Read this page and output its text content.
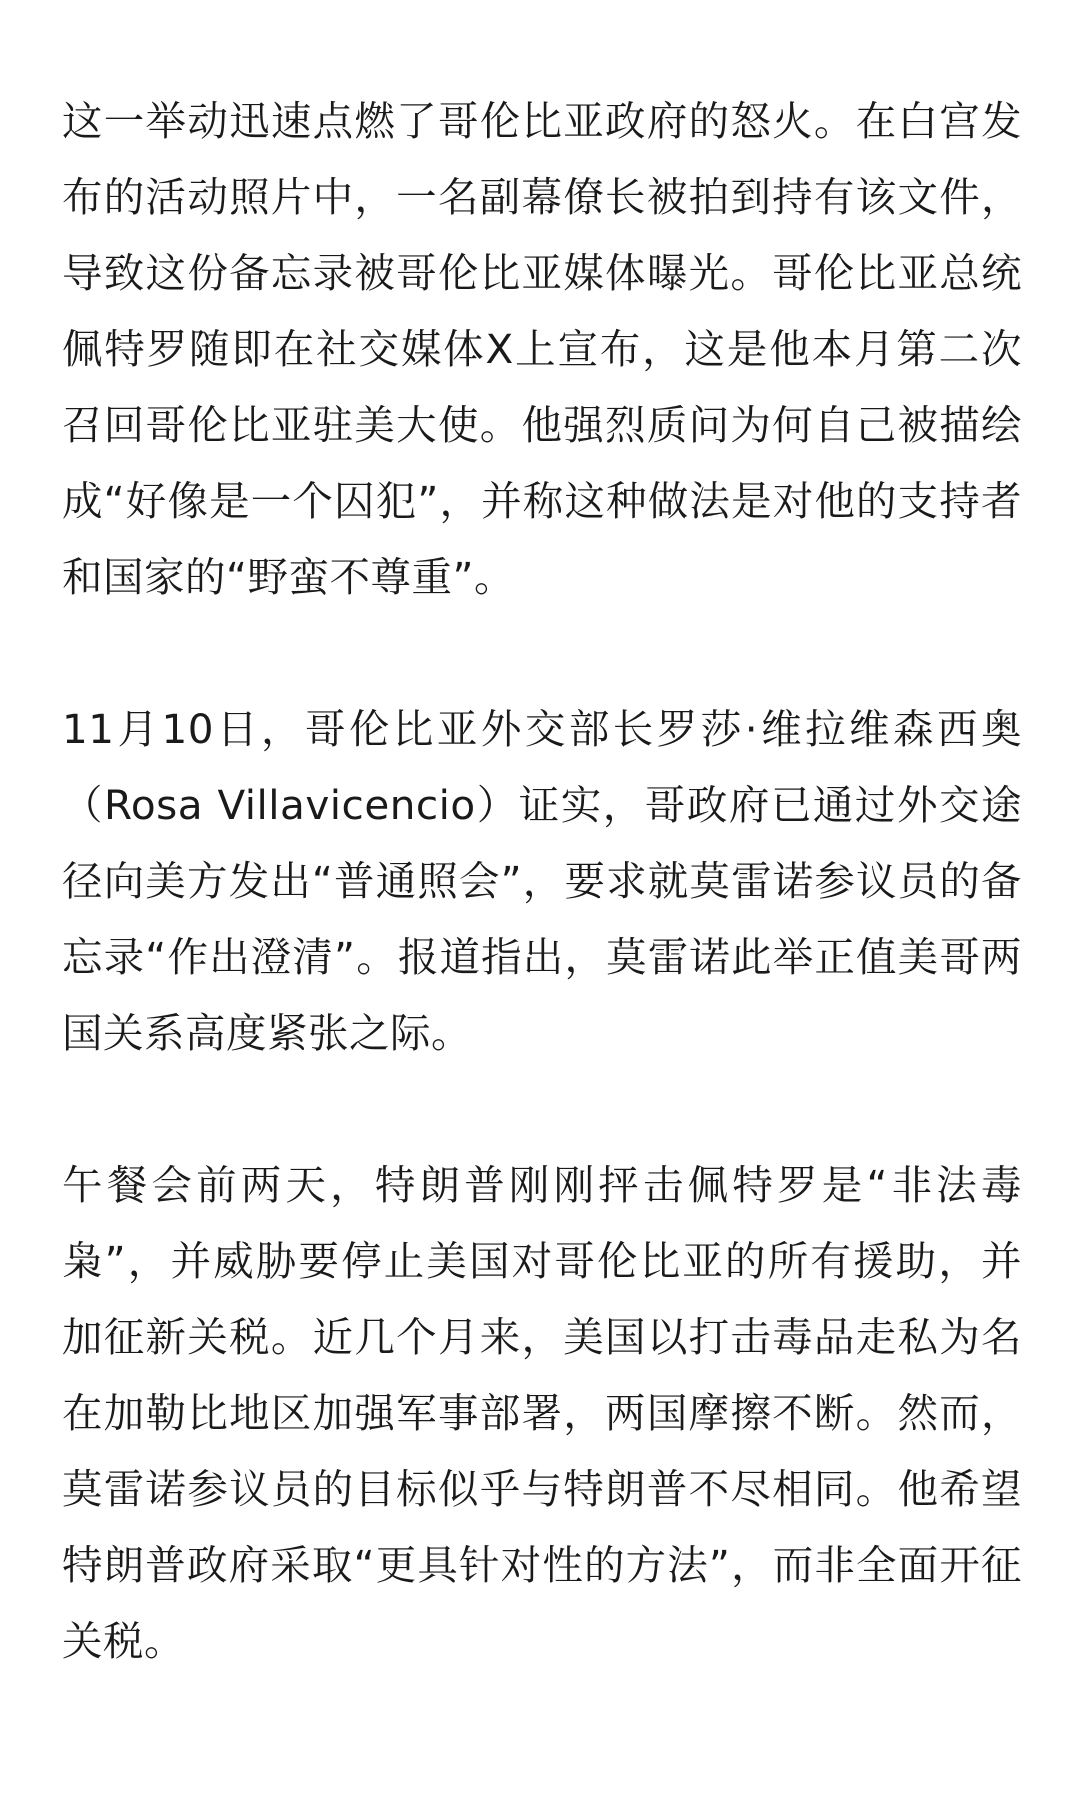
这一举动迅速点燃了哥伦比亚政府的怒火。在白宫发布的活动照片中，一名副幕僚长被拍到持有该文件，导致这份备忘录被哥伦比亚媒体曝光。哥伦比亚总统佩特罗随即在社交媒体X上宣布，这是他本月第二次召回哥伦比亚驻美大使。他强烈质问为何自己被描绘成“好像是一个囚犯”，并称这种做法是对他的支持者和国家的“野蛮不尊重”。

11月10日，哥伦比亚外交部长罗莎·维拉维森西奥（Rosa Villavicencio）证实，哥政府已通过外交途径向美方发出“普通照会”，要求就莫雷诺参议员的备忘录“作出澄清”。报道指出，莫雷诺此举正值美哥两国关系高度紧张之际。

午餐会前两天，特朗普刚刚抨击佩特罗是“非法毒枭”，并威胁要停止美国对哥伦比亚的所有援助，并加征新关税。近几个月来，美国以打击毒品走私为名在加勒比地区加强军事部署，两国摩擦不断。然而，莫雷诺参议员的目标似乎与特朗普不尽相同。他希望特朗普政府采取“更具针对性的方法”，而非全面开征关税。
